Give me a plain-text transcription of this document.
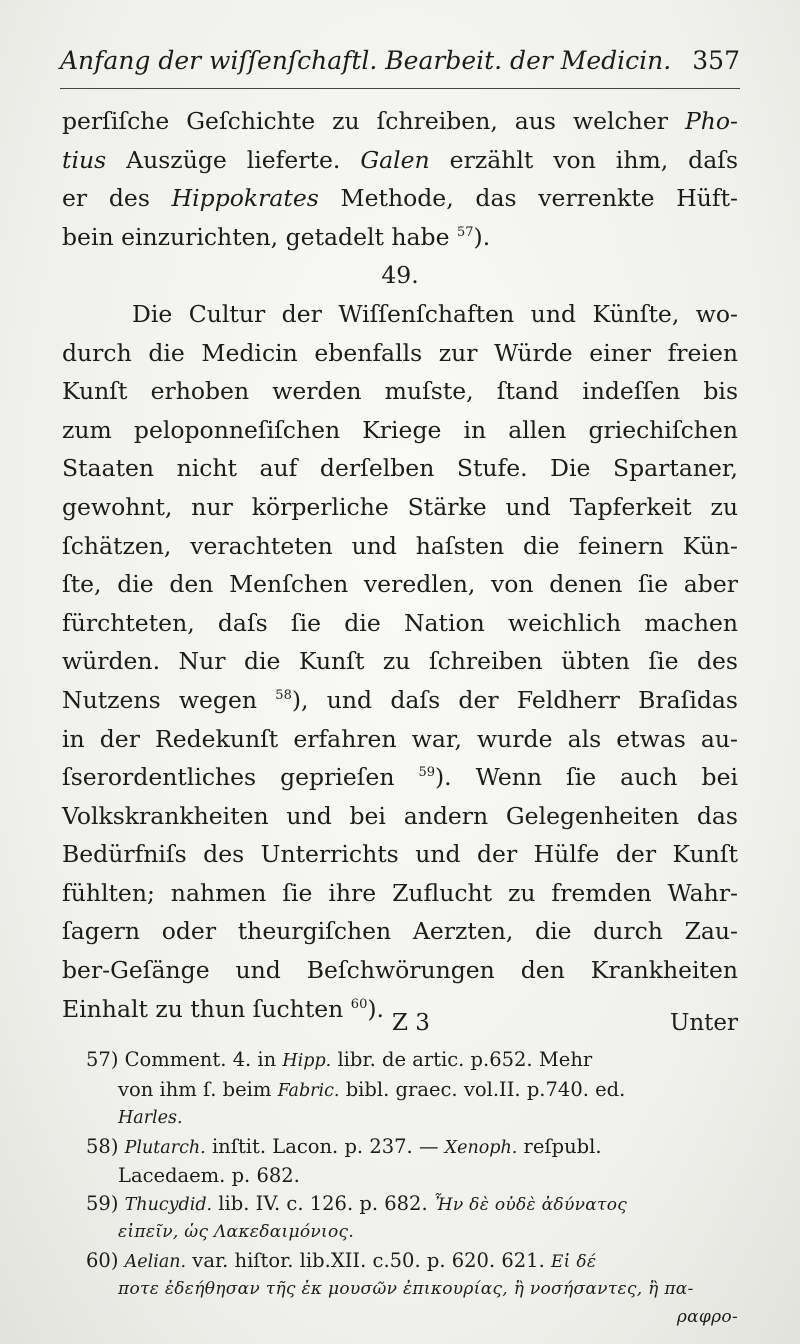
Anfang der wiſſenſchaftl. Bearbeit. der Medicin. 357
perſiſche Geſchichte zu ſchreiben, aus welcher Pho-
tius Auszüge lieferte. Galen erzählt von ihm, daſs
er des Hippokrates Methode, das verrenkte Hüft-
bein einzurichten, getadelt habe $^{57}$).
49.
Die Cultur der Wiſſenſchaften und Künſte, wo-
durch die Medicin ebenfalls zur Würde einer freien
Kunſt erhoben werden muſste, ſtand indeſſen bis
zum peloponneſiſchen Kriege in allen griechiſchen
Staaten nicht auf derſelben Stufe. Die Spartaner,
gewohnt, nur körperliche Stärke und Tapferkeit zu
ſchätzen, verachteten und haſsten die feinern Kün-
ſte, die den Menſchen veredlen, von denen ſie aber
fürchteten, daſs ſie die Nation weichlich machen
würden. Nur die Kunſt zu ſchreiben übten ſie des
Nutzens wegen $^{58}$), und daſs der Feldherr Braſidas
in der Redekunſt erfahren war, wurde als etwas au-
ſserordentliches geprieſen $^{59}$). Wenn ſie auch bei
Volkskrankheiten und bei andern Gelegenheiten das
Bedürfniſs des Unterrichts und der Hülfe der Kunſt
fühlten; nahmen ſie ihre Zuflucht zu fremden Wahr-
ſagern oder theurgiſchen Aerzten, die durch Zau-
ber-Geſänge und Beſchwörungen den Krankheiten
Einhalt zu thun ſuchten $^{60}$).
Z 3	Unter
57) Comment. 4. in Hipp. libr. de artic. p.652. Mehr
von ihm ſ. beim Fabric. bibl. graec. vol.II. p.740. ed.
Harles.
58) Plutarch. inſtit. Lacon. p. 237. — Xenoph. reſpubl.
Lacedaem. p. 682.
59) Thucydid. lib. IV. c. 126. p. 682. Ἦν δὲ οὐδὲ ἀδύνατος
εἰπεῖν, ὡς Λακεδαιμόνιος.
60) Aelian. var. hiſtor. lib.XII. c.50. p. 620. 621. Εἰ δέ
ποτε ἐδεήθησαν τῆς ἐκ μουσῶν ἐπικουρίας, ἢ νοσήσαντες, ἢ πα-
ραφρο-
